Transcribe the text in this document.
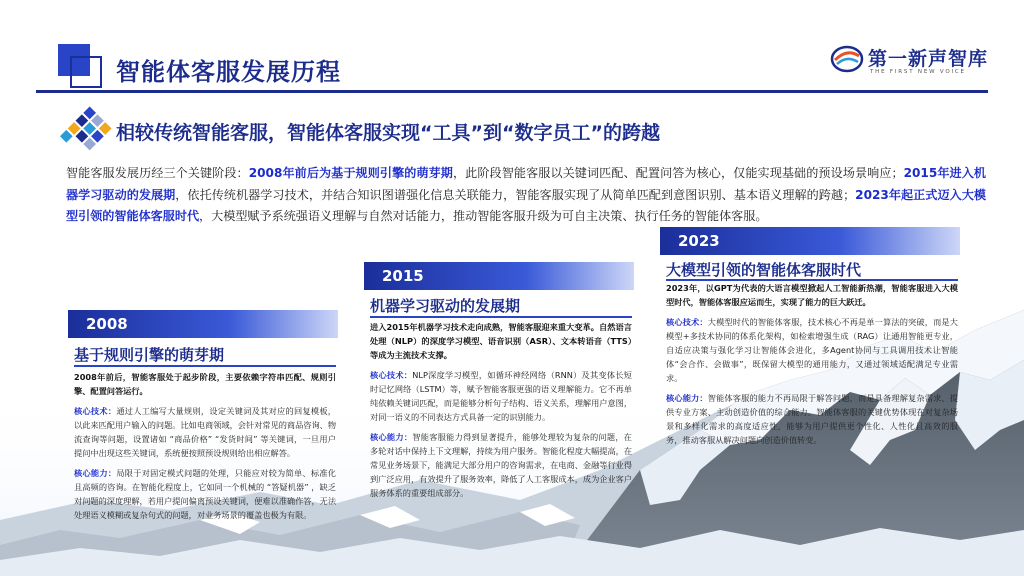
智能体客服发展历程	第一新声智库
THE FIRST NEW VOICE
相较传统智能客服，智能体客服实现“工具”到“数字员工”的跨越
智能客服发展历经三个关键阶段：2008年前后为基于规则引擎的萌芽期，此阶段智能客服以关键词匹配、配置问答为核心，仅能实现基础的预设场景响应；2015年进入机器学习驱动的发展期，依托传统机器学习技术，并结合知识图谱强化信息关联能力，智能客服实现了从简单匹配到意图识别、基本语义理解的跨越；2023年起正式迈入大模型引领的智能体客服时代，大模型赋予系统强语义理解与自然对话能力，推动智能客服升级为可自主决策、执行任务的智能体客服。
2008
基于规则引擎的萌芽期

2008年前后，智能客服处于起步阶段，主要依赖字符串匹配、规则引擎、配置问答运行。

核心技术：通过人工编写大量规则，设定关键词及其对应的回复模板，以此来匹配用户输入的问题。比如电商领域，会针对常见的商品咨询、物流查询等问题，设置诸如 “商品价格” “发货时间” 等关键词，一旦用户提问中出现这些关键词，系统便按照预设规则给出相应解答。

核心能力：局限于对固定模式问题的处理，只能应对较为简单、标准化且高频的咨询。在智能化程度上，它如同一个机械的 “答疑机器” ，缺乏对问题的深度理解，若用户提问偏离预设关键词，便难以准确作答，无法处理语义模糊或复杂句式的问题，对业务场景的覆盖也极为有限。

2015
机器学习驱动的发展期

进入2015年机器学习技术走向成熟，智能客服迎来重大变革。自然语言处理（NLP）的深度学习模型、语音识别（ASR）、文本转语音（TTS）等成为主流技术支撑。

核心技术：NLP深度学习模型，如循环神经网络（RNN）及其变体长短时记忆网络（LSTM）等，赋予智能客服更强的语义理解能力。它不再单纯依赖关键词匹配，而是能够分析句子结构、语义关系，理解用户意图，对同一语义的不同表达方式具备一定的识别能力。

核心能力：智能客服能力得到显著提升，能够处理较为复杂的问题，在多轮对话中保持上下文理解，持续为用户服务。智能化程度大幅提高，在常见业务场景下，能满足大部分用户的咨询需求，在电商、金融等行业得到广泛应用，有效提升了服务效率，降低了人工客服成本，成为企业客户服务体系的重要组成部分。

2023
大模型引领的智能体客服时代

2023年，以GPT为代表的大语言模型掀起人工智能新热潮，智能客服进入大模型时代，智能体客服应运而生，实现了能力的巨大跃迁。

核心技术：大模型时代的智能体客服，技术核心不再是单一算法的突破，而是大模型+多技术协同的体系化架构，如检索增强生成（RAG）让通用智能更专业，自适应决策与强化学习让智能体会进化，多Agent协同与工具调用技术让智能体“会合作、会做事”，既保留大模型的通用能力，又通过领域适配满足专业需求。

核心能力：智能体客服的能力不再局限于解答问题，而是具备理解复杂需求、提供专业方案、主动创造价值的综合能力。智能体客服的关键优势体现在对复杂场景和多样化需求的高度适应性，能够为用户提供更个性化、人性化且高效的服务，推动客服从解决问题向创造价值转变。
